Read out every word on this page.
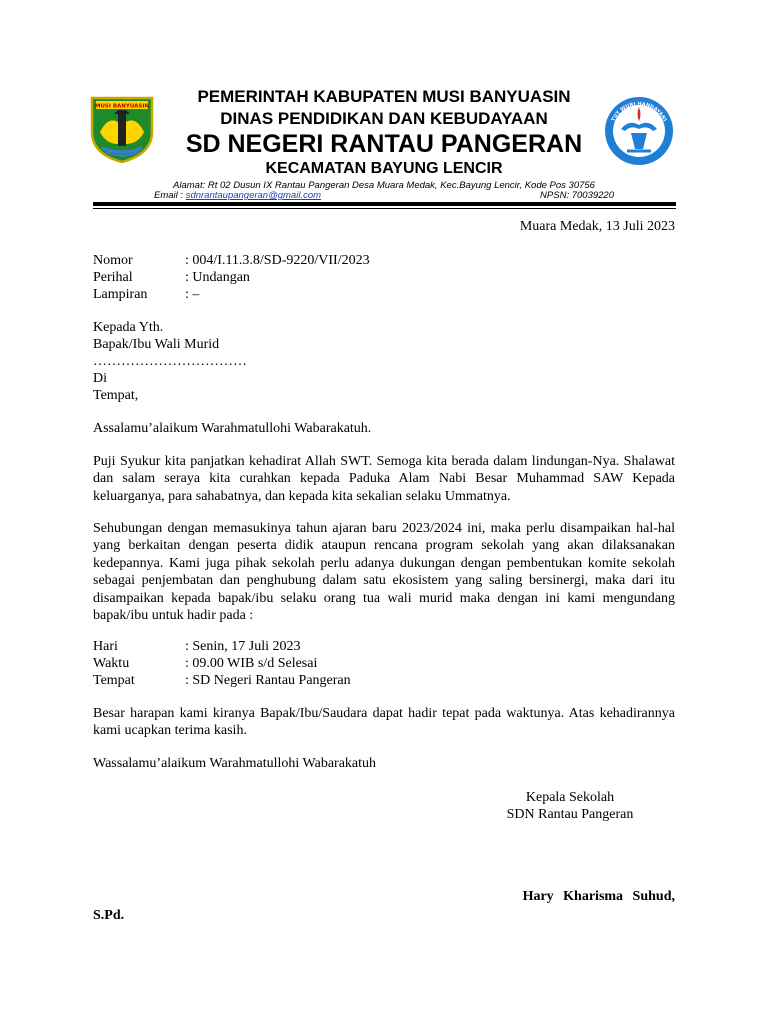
MUSI BANYUASIN
TUT WURI HANDAYANI
PEMERINTAH KABUPATEN MUSI BANYUASIN
DINAS PENDIDIKAN DAN KEBUDAYAAN
SD NEGERI RANTAU PANGERAN
KECAMATAN BAYUNG LENCIR
Alamat: Rt 02 Dusun IX Rantau Pangeran Desa Muara Medak, Kec.Bayung Lencir, Kode Pos 30756
Email : sdnrantaupangeran@gmail.com	NPSN: 70039220
Muara Medak, 13 Juli 2023
Nomor	: 004/I.11.3.8/SD-9220/VII/2023
Perihal	: Undangan
Lampiran	: –
Kepada Yth.
Bapak/Ibu Wali Murid
……………………………
Di
Tempat,
Assalamu’alaikum Warahmatullohi Wabarakatuh.
Puji Syukur kita panjatkan kehadirat Allah SWT. Semoga kita berada dalam lindungan-Nya. Shalawat dan salam seraya kita curahkan kepada Paduka Alam Nabi Besar Muhammad SAW Kepada keluarganya, para sahabatnya, dan kepada kita sekalian selaku Ummatnya.
Sehubungan dengan memasukinya tahun ajaran baru 2023/2024 ini, maka perlu disampaikan hal-hal yang berkaitan dengan peserta didik ataupun rencana program sekolah yang akan dilaksanakan kedepannya. Kami juga pihak sekolah perlu adanya dukungan dengan pembentukan komite sekolah sebagai penjembatan dan penghubung dalam satu ekosistem yang saling bersinergi, maka dari itu disampaikan kepada bapak/ibu selaku orang tua wali murid maka dengan ini kami mengundang bapak/ibu untuk hadir pada :
Hari	: Senin, 17 Juli 2023
Waktu	: 09.00 WIB s/d Selesai
Tempat	: SD Negeri Rantau Pangeran
Besar harapan kami kiranya Bapak/Ibu/Saudara dapat hadir tepat pada waktunya. Atas kehadirannya kami ucapkan terima kasih.
Wassalamu’alaikum Warahmatullohi Wabarakatuh
Kepala Sekolah
SDN Rantau Pangeran
Hary Kharisma Suhud,
S.Pd.
